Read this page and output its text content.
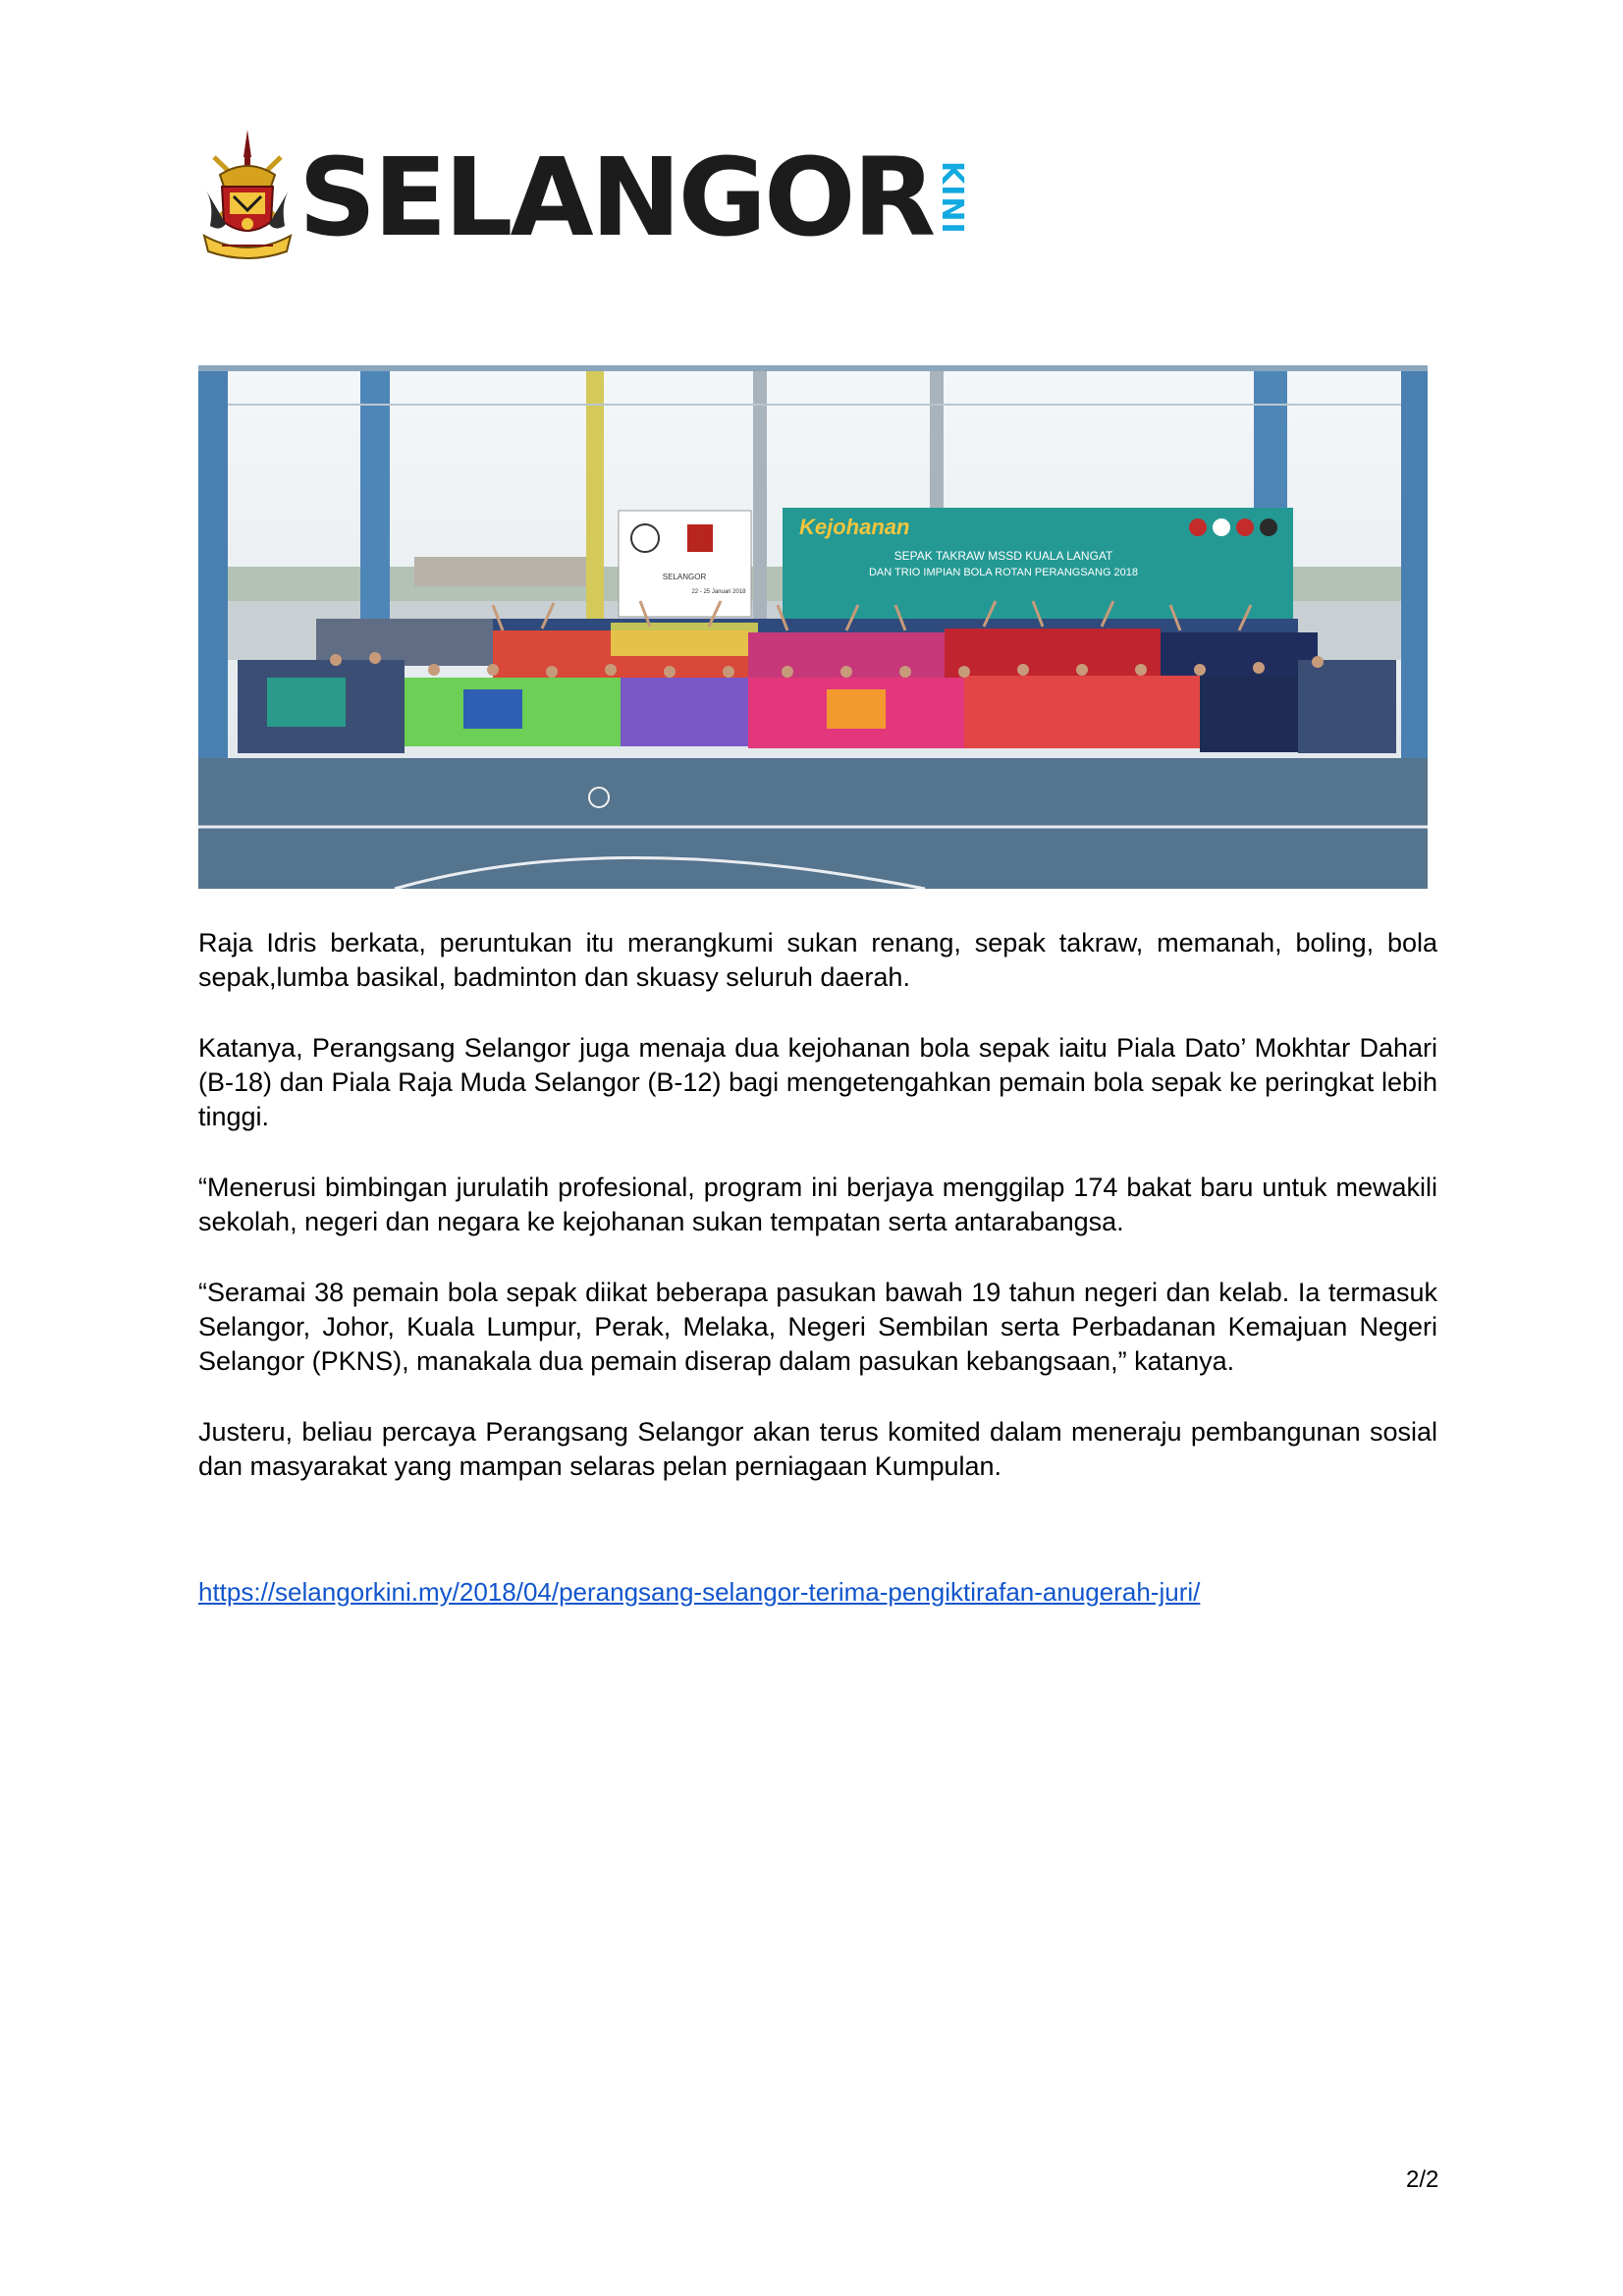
SELANGOR KINI
SELANGOR
22 - 25 Januari 2018
Kejohanan
SEPAK TAKRAW MSSD KUALA LANGAT
DAN TRIO IMPIAN BOLA ROTAN PERANGSANG 2018

Raja Idris berkata, peruntukan itu merangkumi sukan renang, sepak takraw, memanah, boling, bola sepak,lumba basikal, badminton dan skuasy seluruh daerah.

Katanya, Perangsang Selangor juga menaja dua kejohanan bola sepak iaitu Piala Dato’ Mokhtar Dahari (B-18) dan Piala Raja Muda Selangor (B-12) bagi mengetengahkan pemain bola sepak ke peringkat lebih tinggi.

“Menerusi bimbingan jurulatih profesional, program ini berjaya menggilap 174 bakat baru untuk mewakili sekolah, negeri dan negara ke kejohanan sukan tempatan serta antarabangsa.

“Seramai 38 pemain bola sepak diikat beberapa pasukan bawah 19 tahun negeri dan kelab. Ia termasuk Selangor, Johor, Kuala Lumpur, Perak, Melaka, Negeri Sembilan serta Perbadanan Kemajuan Negeri Selangor (PKNS), manakala dua pemain diserap dalam pasukan kebangsaan,” katanya.

Justeru, beliau percaya Perangsang Selangor akan terus komited dalam meneraju pembangunan sosial dan masyarakat yang mampan selaras pelan perniagaan Kumpulan.

https://selangorkini.my/2018/04/perangsang-selangor-terima-pengiktirafan-anugerah-juri/
2/2
